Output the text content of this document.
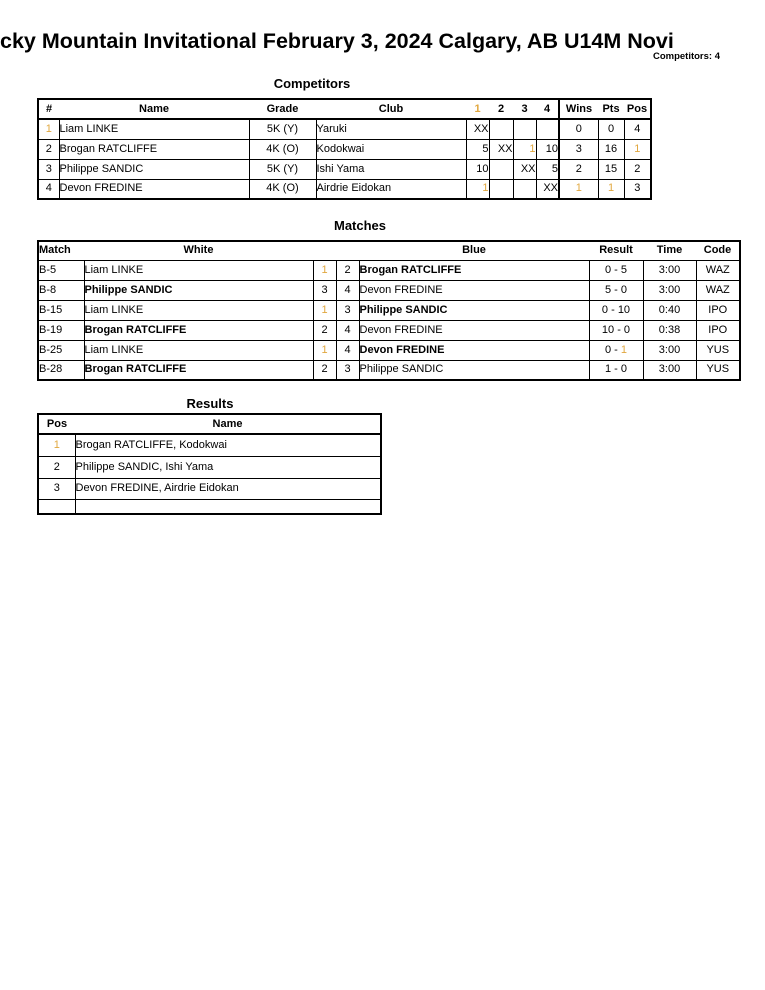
cky Mountain Invitational February 3, 2024 Calgary, AB U14M Novi
Competitors: 4
Competitors
#	Name	Grade	Club	1	2	3	4	Wins	Pts	Pos
1	Liam LINKE	5K (Y)	Yaruki	XX				0	0	4
2	Brogan RATCLIFFE	4K (O)	Kodokwai	5	XX	1	10	3	16	1
3	Philippe SANDIC	5K (Y)	Ishi Yama	10		XX	5	2	15	2
4	Devon FREDINE	4K (O)	Airdrie Eidokan	1			XX	1	1	3
Matches
Match	White			Blue	Result	Time	Code
B-5	Liam LINKE	1	2	Brogan RATCLIFFE	0 - 5	3:00	WAZ
B-8	Philippe SANDIC	3	4	Devon FREDINE	5 - 0	3:00	WAZ
B-15	Liam LINKE	1	3	Philippe SANDIC	0 - 10	0:40	IPO
B-19	Brogan RATCLIFFE	2	4	Devon FREDINE	10 - 0	0:38	IPO
B-25	Liam LINKE	1	4	Devon FREDINE	0 - 1	3:00	YUS
B-28	Brogan RATCLIFFE	2	3	Philippe SANDIC	1 - 0	3:00	YUS
Results
Pos	Name
1	Brogan RATCLIFFE, Kodokwai
2	Philippe SANDIC, Ishi Yama
3	Devon FREDINE, Airdrie Eidokan
